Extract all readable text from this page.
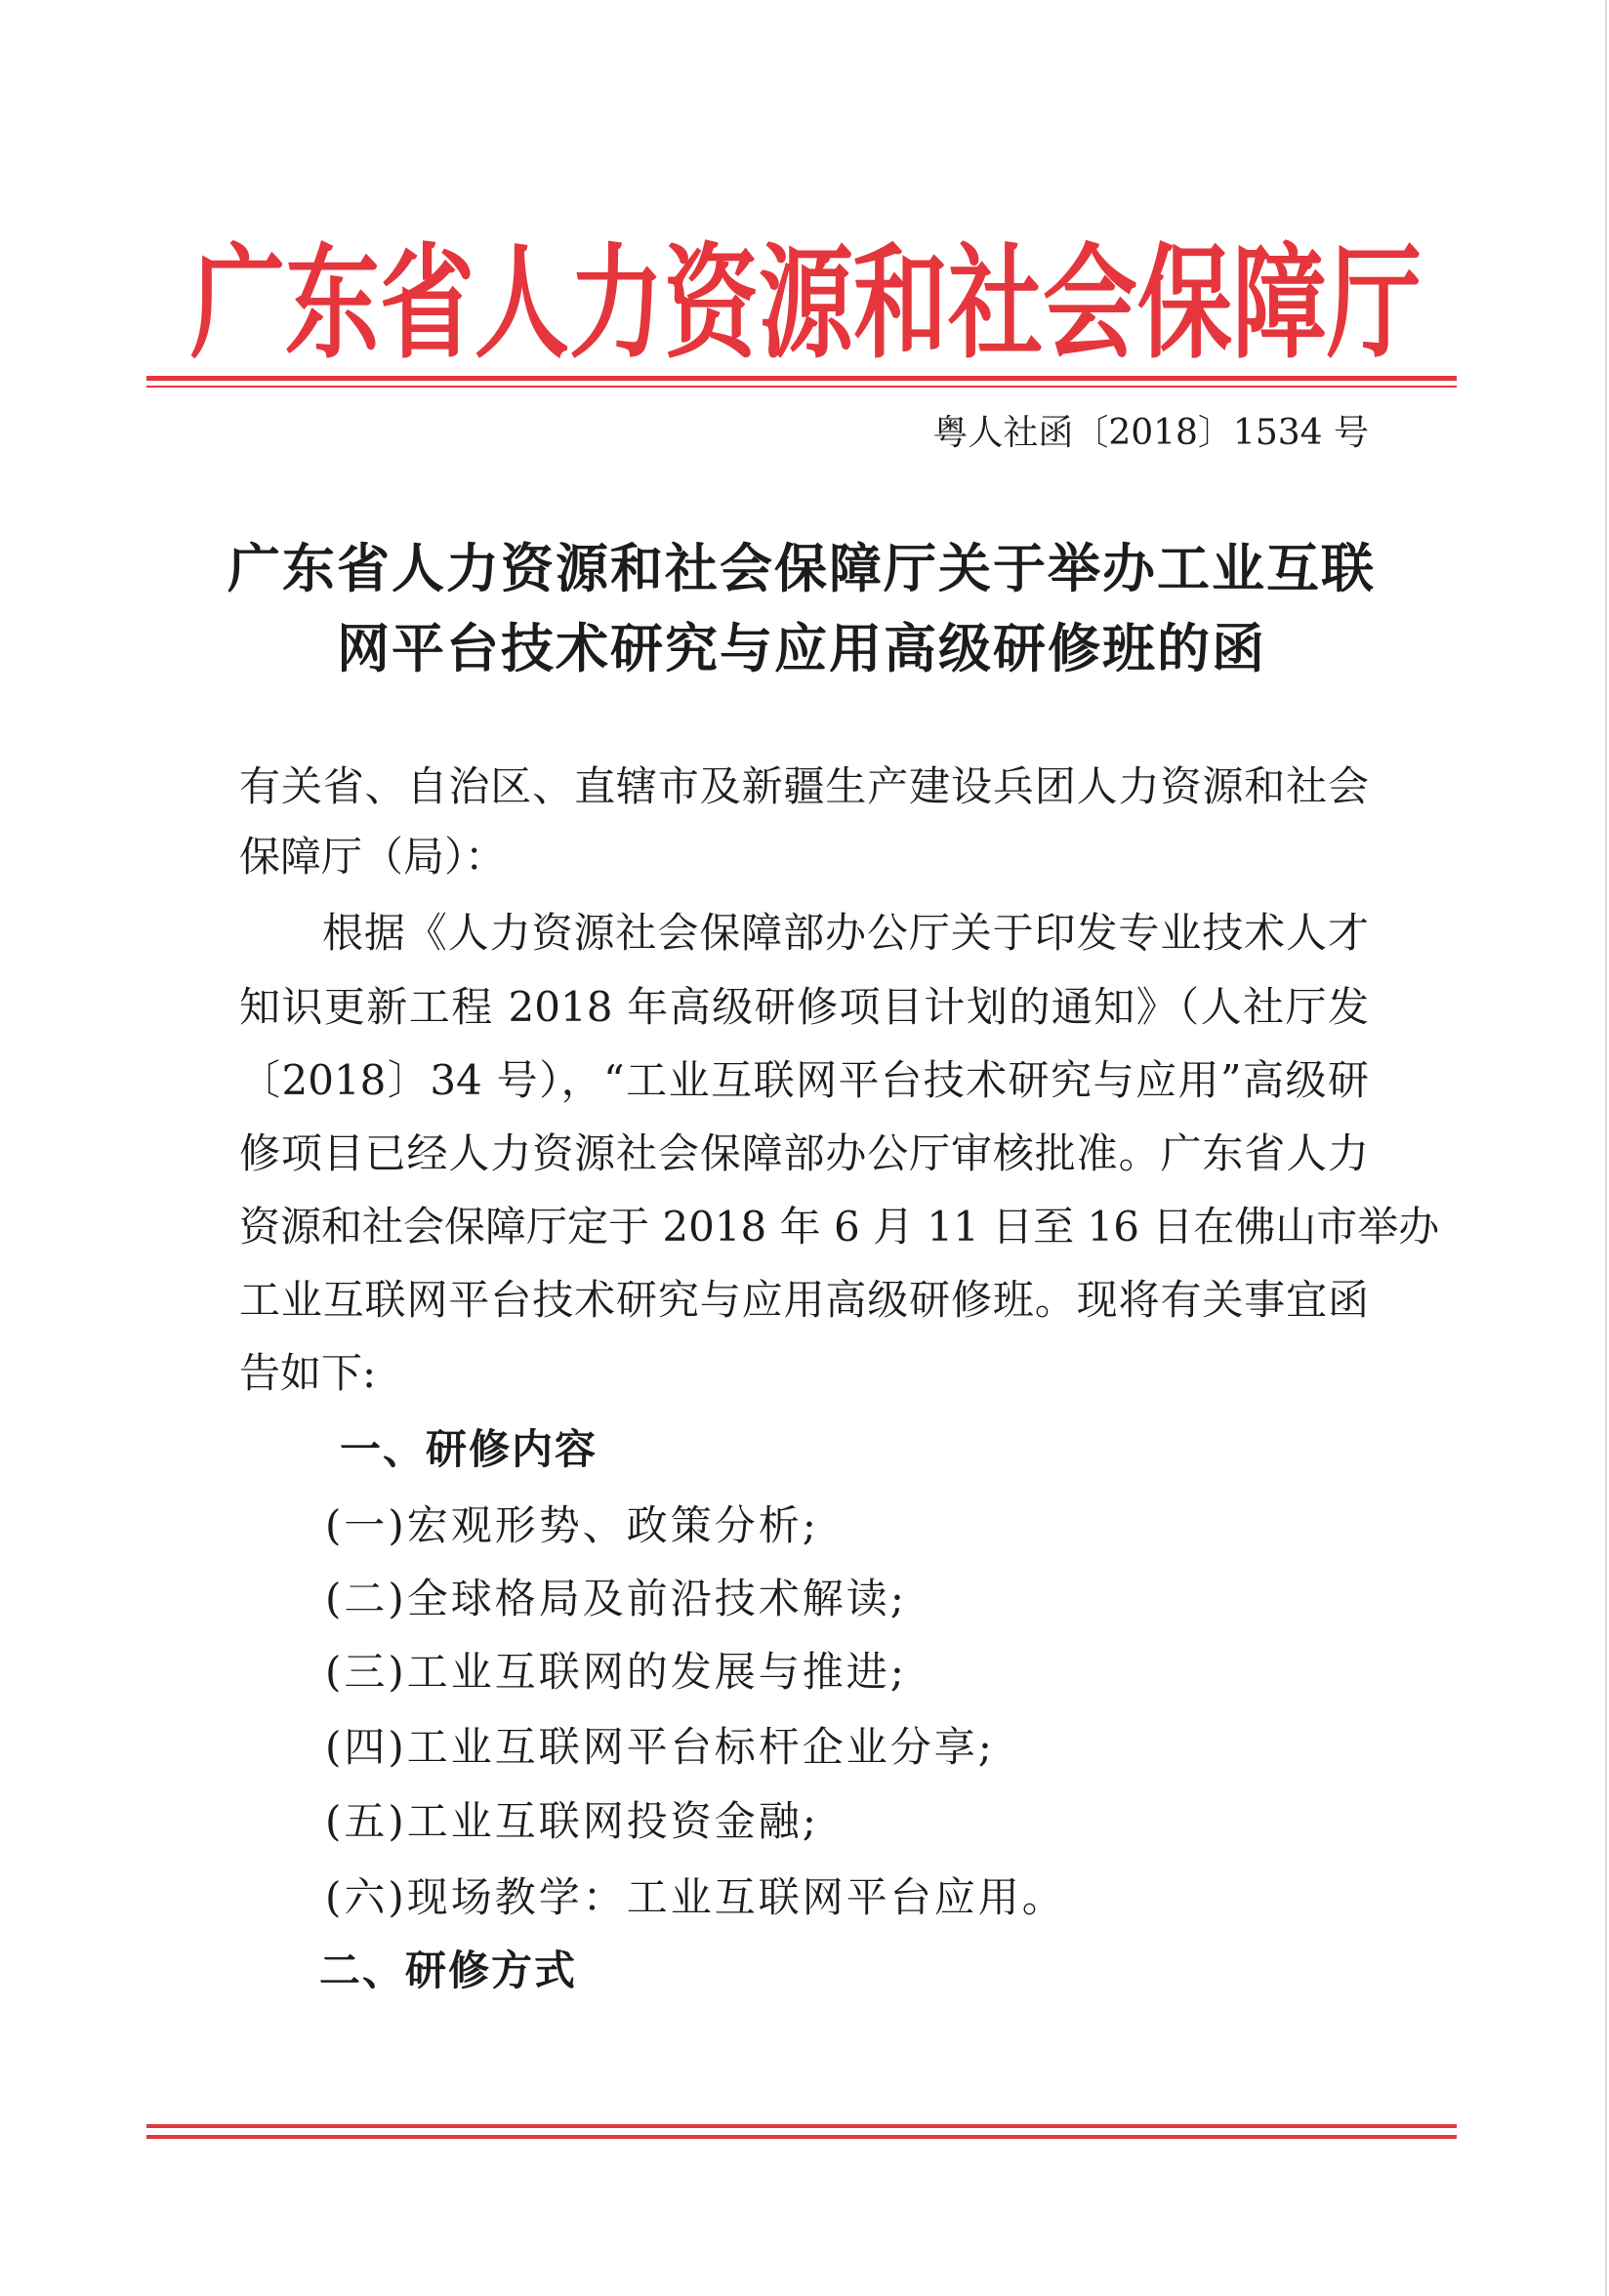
广东省人力资源和社会保障厅
粤人社函〔2018〕1534 号
广东省人力资源和社会保障厅关于举办工业互联
网平台技术研究与应用高级研修班的函
有关省、自治区、直辖市及新疆生产建设兵团人力资源和社会
保障厅（局）：
根据《人力资源社会保障部办公厅关于印发专业技术人才
知识更新工程 2018 年高级研修项目计划的通知》（人社厅发
〔2018〕34 号），“工业互联网平台技术研究与应用”高级研
修项目已经人力资源社会保障部办公厅审核批准。广东省人力
资源和社会保障厅定于 2018 年 6 月 11 日至 16 日在佛山市举办
工业互联网平台技术研究与应用高级研修班。现将有关事宜函
告如下:
一、研修内容
(一)宏观形势、政策分析;
(二)全球格局及前沿技术解读;
(三)工业互联网的发展与推进;
(四)工业互联网平台标杆企业分享;
(五)工业互联网投资金融;
(六)现场教学：工业互联网平台应用。
二、研修方式
